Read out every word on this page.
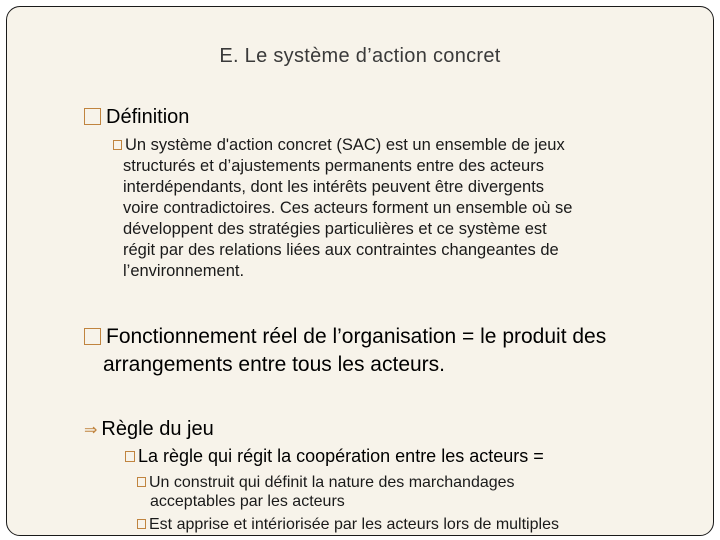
E. Le système d’action concret
Définition
Un système d'action concret (SAC) est un ensemble de jeux
structurés et d’ajustements permanents entre des acteurs
interdépendants, dont les intérêts peuvent être divergents
voire contradictoires. Ces acteurs forment un ensemble où se
développent des stratégies particulières et ce système est
régit par des relations liées aux contraintes changeantes de
l’environnement.
Fonctionnement réel de l’organisation = le produit des
arrangements entre tous les acteurs.
⇒ Règle du jeu
La règle qui régit la coopération entre les acteurs =
Un construit qui définit la nature des marchandages
acceptables par les acteurs
Est apprise et intériorisée par les acteurs lors de multiples
